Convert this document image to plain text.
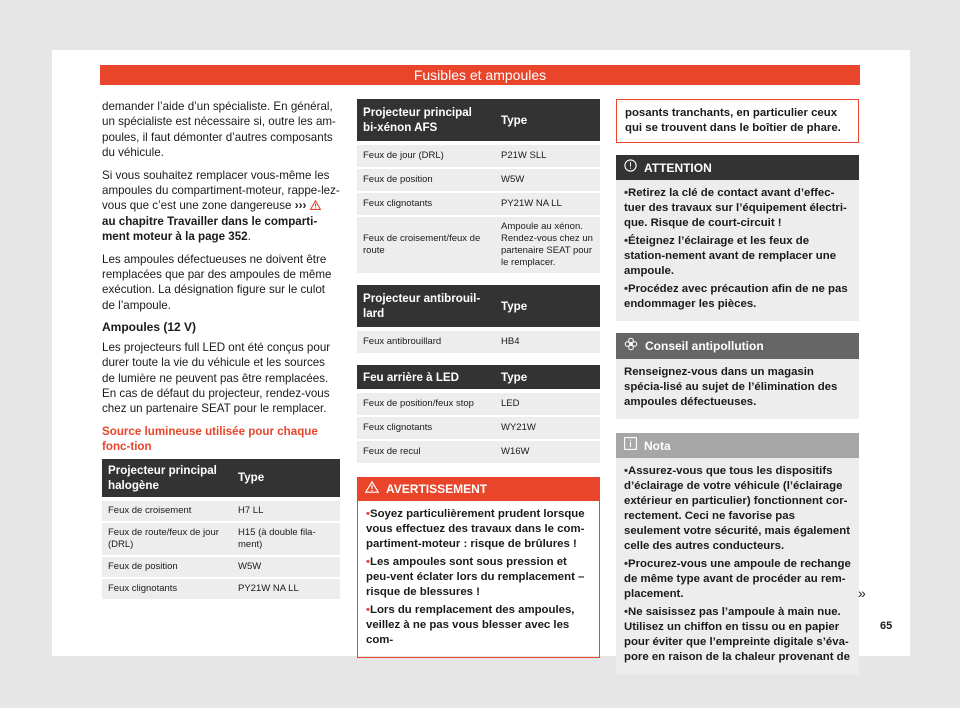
Fusibles et ampoules

demander l’aide d’un spécialiste. En général, un spécialiste est nécessaire si, outre les am-poules, il faut démonter d’autres composants du véhicule.

Si vous souhaitez remplacer vous-même les ampoules du compartiment-moteur, rappe-lez-vous que c’est une zone dangereuse ›››
au chapitre Travailler dans le comparti-ment moteur à la page 352.

Les ampoules défectueuses ne doivent être remplacées que par des ampoules de même exécution. La désignation figure sur le culot de l’ampoule.

Ampoules (12 V)

Les projecteurs full LED ont été conçus pour durer toute la vie du véhicule et les sources de lumière ne peuvent pas être remplacées. En cas de défaut du projecteur, rendez-vous chez un partenaire SEAT pour le remplacer.

Source lumineuse utilisée pour chaque fonc-tion

Projecteur principal halogène	Type
Feux de croisement	H7 LL
Feux de route/feux de jour (DRL)	H15 (à double fila-ment)
Feux de position	W5W
Feux clignotants	PY21W NA LL
Projecteur principal bi-xénon AFS	Type
Feux de jour (DRL)	P21W SLL
Feux de position	W5W
Feux clignotants	PY21W NA LL
Feux de croisement/feux de route	Ampoule au xénon. Rendez-vous chez un partenaire SEAT pour le remplacer.
Projecteur antibrouil-lard	Type
Feux antibrouillard	HB4
Feu arrière à LED	Type
Feux de position/feux stop	LED
Feux clignotants	WY21W
Feux de recul	W16W
AVERTISSEMENT

• Soyez particulièrement prudent lorsque vous effectuez des travaux dans le com-partiment-moteur : risque de brûlures !

• Les ampoules sont sous pression et peu-vent éclater lors du remplacement – risque de blessures !

• Lors du remplacement des ampoules, veillez à ne pas vous blesser avec les com-

posants tranchants, en particulier ceux qui se trouvent dans le boîtier de phare.
ATTENTION

• Retirez la clé de contact avant d’effec-tuer des travaux sur l’équipement électri-que. Risque de court-circuit !

• Éteignez l’éclairage et les feux de station-nement avant de remplacer une ampoule.

• Procédez avec précaution afin de ne pas endommager les pièces.

Conseil antipollution

Renseignez-vous dans un magasin spécia-lisé au sujet de l’élimination des ampoules défectueuses.

Nota

• Assurez-vous que tous les dispositifs d’éclairage de votre véhicule (l’éclairage extérieur en particulier) fonctionnent cor-rectement. Ceci ne favorise pas seulement votre sécurité, mais également celle des autres conducteurs.

• Procurez-vous une ampoule de rechange de même type avant de procéder au rem-placement.

• Ne saisissez pas l’ampoule à main nue. Utilisez un chiffon en tissu ou en papier pour éviter que l’empreinte digitale s’éva-pore en raison de la chaleur provenant de

»
65
